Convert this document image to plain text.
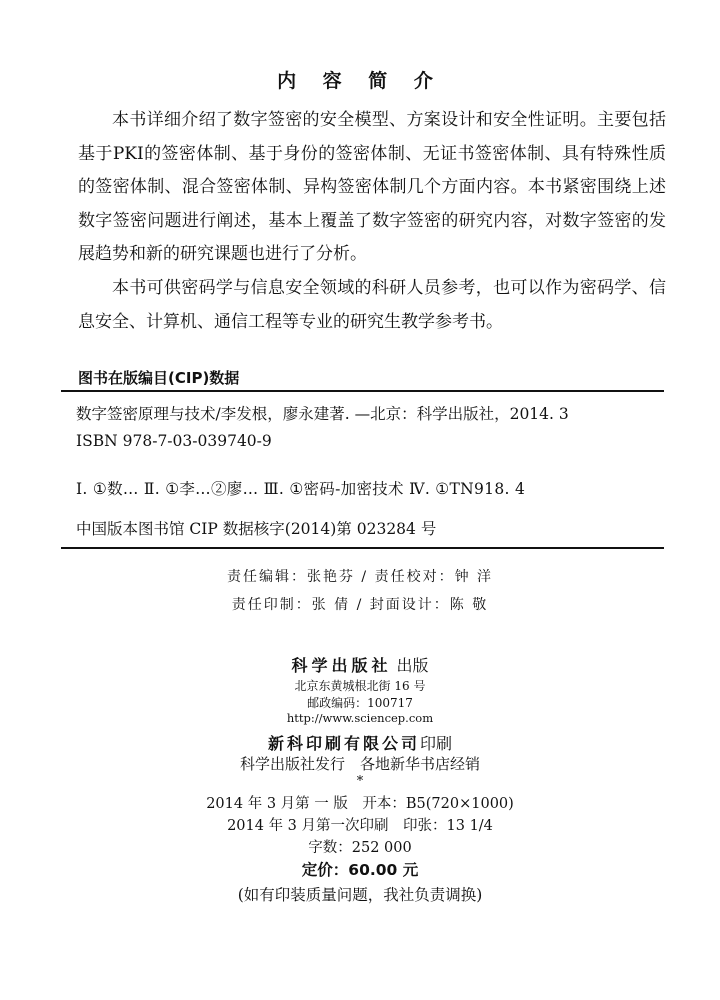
内 容 简 介

本书详细介绍了数字签密的安全模型、方案设计和安全性证明。主要包括基于PKI的签密体制、基于身份的签密体制、无证书签密体制、具有特殊性质的签密体制、混合签密体制、异构签密体制几个方面内容。本书紧密围绕上述数字签密问题进行阐述，基本上覆盖了数字签密的研究内容，对数字签密的发展趋势和新的研究课题也进行了分析。

本书可供密码学与信息安全领域的科研人员参考，也可以作为密码学、信息安全、计算机、通信工程等专业的研究生教学参考书。

图书在版编目(CIP)数据
数字签密原理与技术/李发根，廖永建著. —北京：科学出版社，2014. 3
ISBN 978-7-03-039740-9
Ⅰ. ①数… Ⅱ. ①李…②廖… Ⅲ. ①密码-加密技术 Ⅳ. ①TN918. 4
中国版本图书馆 CIP 数据核字(2014)第 023284 号
责任编辑：张艳芬 / 责任校对：钟 洋
责任印制：张 倩 / 封面设计：陈 敬
科学出版社 出版
北京东黄城根北街 16 号
邮政编码：100717
http://www.sciencep.com
新科印刷有限公司印刷
科学出版社发行　各地新华书店经销
*
2014 年 3 月第 一 版　开本：B5(720×1000)
2014 年 3 月第一次印刷　印张：13 1/4
字数：252 000
定价：60.00 元
(如有印装质量问题，我社负责调换)
